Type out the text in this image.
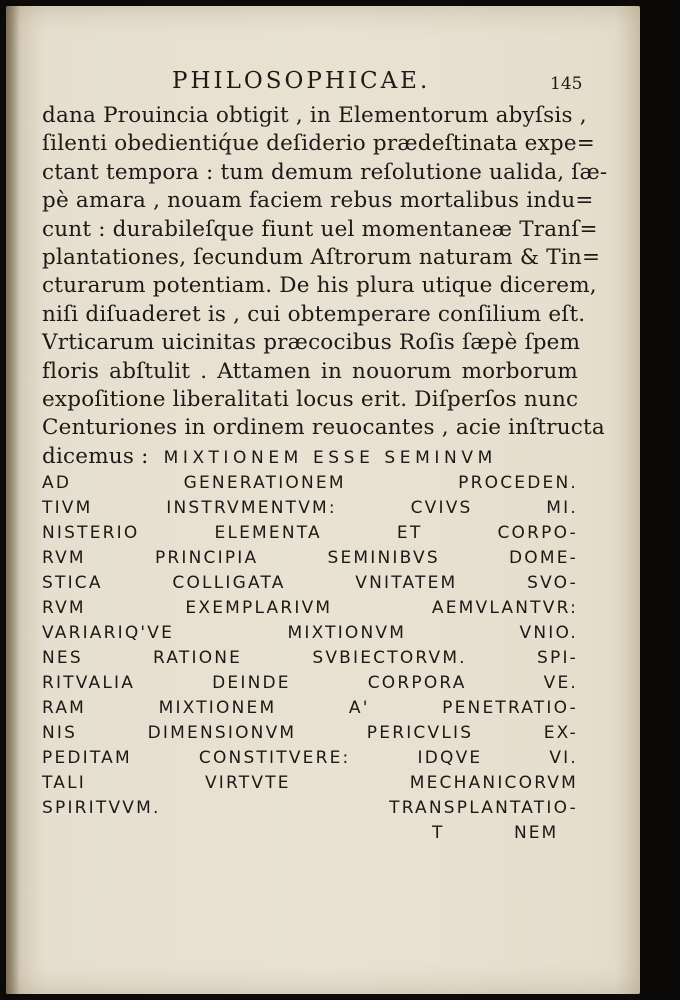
PHILOSOPHICAE.	145
dana Prouincia obtigit , in Elementorum abyſsis ,
ſilenti obedientiq́ue deſiderio prædeſtinata expe=
ctant tempora : tum demum reſolutione ualida, ſæ-
pè amara , nouam faciem rebus mortalibus indu=
cunt : durabileſque fiunt uel momentaneæ Tranſ=
plantationes, ſecundum Aſtrorum naturam & Tin=
cturarum potentiam. De his plura utique dicerem,
niſi diſuaderet is , cui obtemperare conſilium eſt.
Vrticarum uicinitas præcocibus Roſis ſæpè ſpem
floris abſtulit . Attamen in nouorum morborum
expoſitione liberalitati locus erit. Diſperſos nunc
Centuriones in ordinem reuocantes , acie inſtructa
dicemus : MIXTIONEM ESSE SEMINVM
AD GENERATIONEM PROCEDEN.
TIVM INSTRVMENTVM: CVIVS MI.
NISTERIO ELEMENTA ET CORPO-
RVM PRINCIPIA SEMINIBVS DOME-
STICA COLLIGATA VNITATEM SVO-
RVM EXEMPLARIVM AEMVLANTVR:
VARIARIQ'VE MIXTIONVM VNIO.
NES RATIONE SVBIECTORVM. SPI-
RITVALIA DEINDE CORPORA VE.
RAM MIXTIONEM A' PENETRATIO-
NIS DIMENSIONVM PERICVLIS EX-
PEDITAM CONSTITVERE: IDQVE VI.
TALI VIRTVTE MECHANICORVM
SPIRITVVM. TRANSPLANTATIO-
T	NEM
